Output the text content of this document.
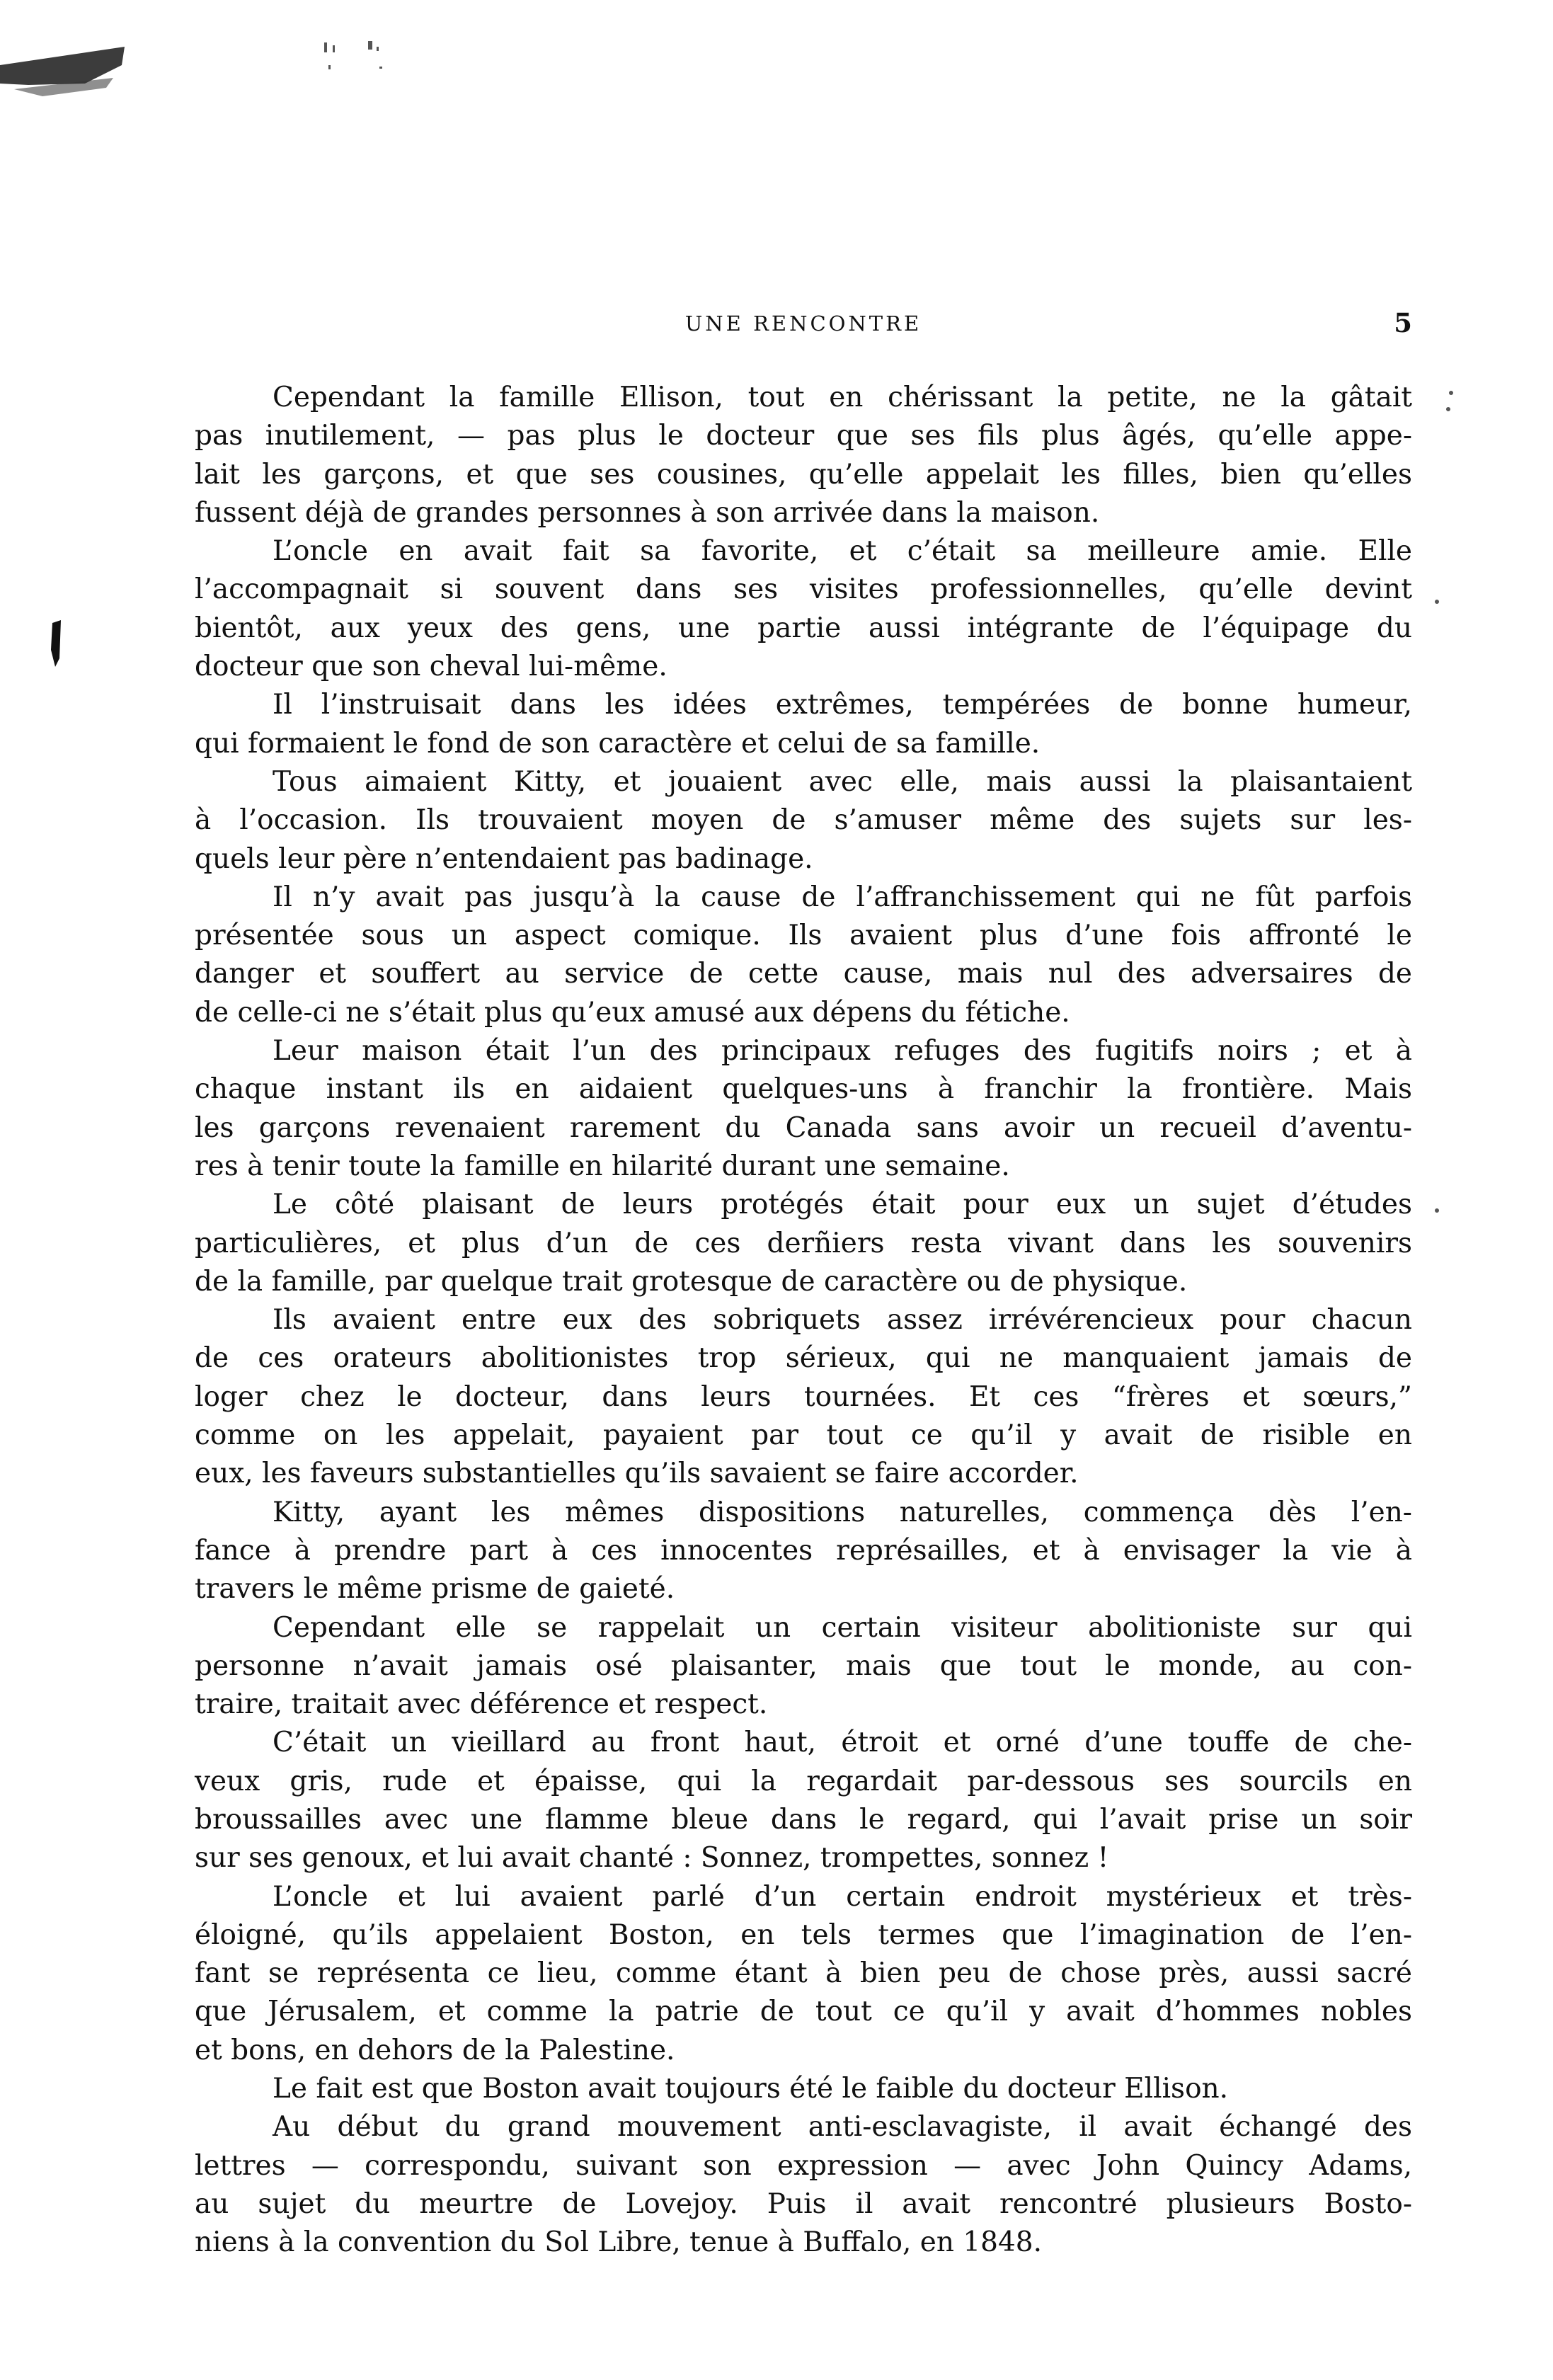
UNE RENCONTRE	5
Cependant la famille Ellison, tout en chérissant la petite, ne la gâtait
pas inutilement, — pas plus le docteur que ses fils plus âgés, qu’elle appe-
lait les garçons, et que ses cousines, qu’elle appelait les filles, bien qu’elles
fussent déjà de grandes personnes à son arrivée dans la maison.
L’oncle en avait fait sa favorite, et c’était sa meilleure amie. Elle
l’accompagnait si souvent dans ses visites professionnelles, qu’elle devint
bientôt, aux yeux des gens, une partie aussi intégrante de l’équipage du
docteur que son cheval lui-même.
Il l’instruisait dans les idées extrêmes, tempérées de bonne humeur,
qui formaient le fond de son caractère et celui de sa famille.
Tous aimaient Kitty, et jouaient avec elle, mais aussi la plaisantaient
à l’occasion. Ils trouvaient moyen de s’amuser même des sujets sur les-
quels leur père n’entendaient pas badinage.
Il n’y avait pas jusqu’à la cause de l’affranchissement qui ne fût parfois
présentée sous un aspect comique. Ils avaient plus d’une fois affronté le
danger et souffert au service de cette cause, mais nul des adversaires de
de celle-ci ne s’était plus qu’eux amusé aux dépens du fétiche.
Leur maison était l’un des principaux refuges des fugitifs noirs ; et à
chaque instant ils en aidaient quelques-uns à franchir la frontière. Mais
les garçons revenaient rarement du Canada sans avoir un recueil d’aventu-
res à tenir toute la famille en hilarité durant une semaine.
Le côté plaisant de leurs protégés était pour eux un sujet d’études
particulières, et plus d’un de ces derñiers resta vivant dans les souvenirs
de la famille, par quelque trait grotesque de caractère ou de physique.
Ils avaient entre eux des sobriquets assez irrévérencieux pour chacun
de ces orateurs abolitionistes trop sérieux, qui ne manquaient jamais de
loger chez le docteur, dans leurs tournées. Et ces “frères et sœurs,”
comme on les appelait, payaient par tout ce qu’il y avait de risible en
eux, les faveurs substantielles qu’ils savaient se faire accorder.
Kitty, ayant les mêmes dispositions naturelles, commença dès l’en-
fance à prendre part à ces innocentes représailles, et à envisager la vie à
travers le même prisme de gaieté.
Cependant elle se rappelait un certain visiteur abolitioniste sur qui
personne n’avait jamais osé plaisanter, mais que tout le monde, au con-
traire, traitait avec déférence et respect.
C’était un vieillard au front haut, étroit et orné d’une touffe de che-
veux gris, rude et épaisse, qui la regardait par-dessous ses sourcils en
broussailles avec une flamme bleue dans le regard, qui l’avait prise un soir
sur ses genoux, et lui avait chanté : Sonnez, trompettes, sonnez !
L’oncle et lui avaient parlé d’un certain endroit mystérieux et très-
éloigné, qu’ils appelaient Boston, en tels termes que l’imagination de l’en-
fant se représenta ce lieu, comme étant à bien peu de chose près, aussi sacré
que Jérusalem, et comme la patrie de tout ce qu’il y avait d’hommes nobles
et bons, en dehors de la Palestine.
Le fait est que Boston avait toujours été le faible du docteur Ellison.
Au début du grand mouvement anti-esclavagiste, il avait échangé des
lettres — correspondu, suivant son expression — avec John Quincy Adams,
au sujet du meurtre de Lovejoy. Puis il avait rencontré plusieurs Bosto-
niens à la convention du Sol Libre, tenue à Buffalo, en 1848.
